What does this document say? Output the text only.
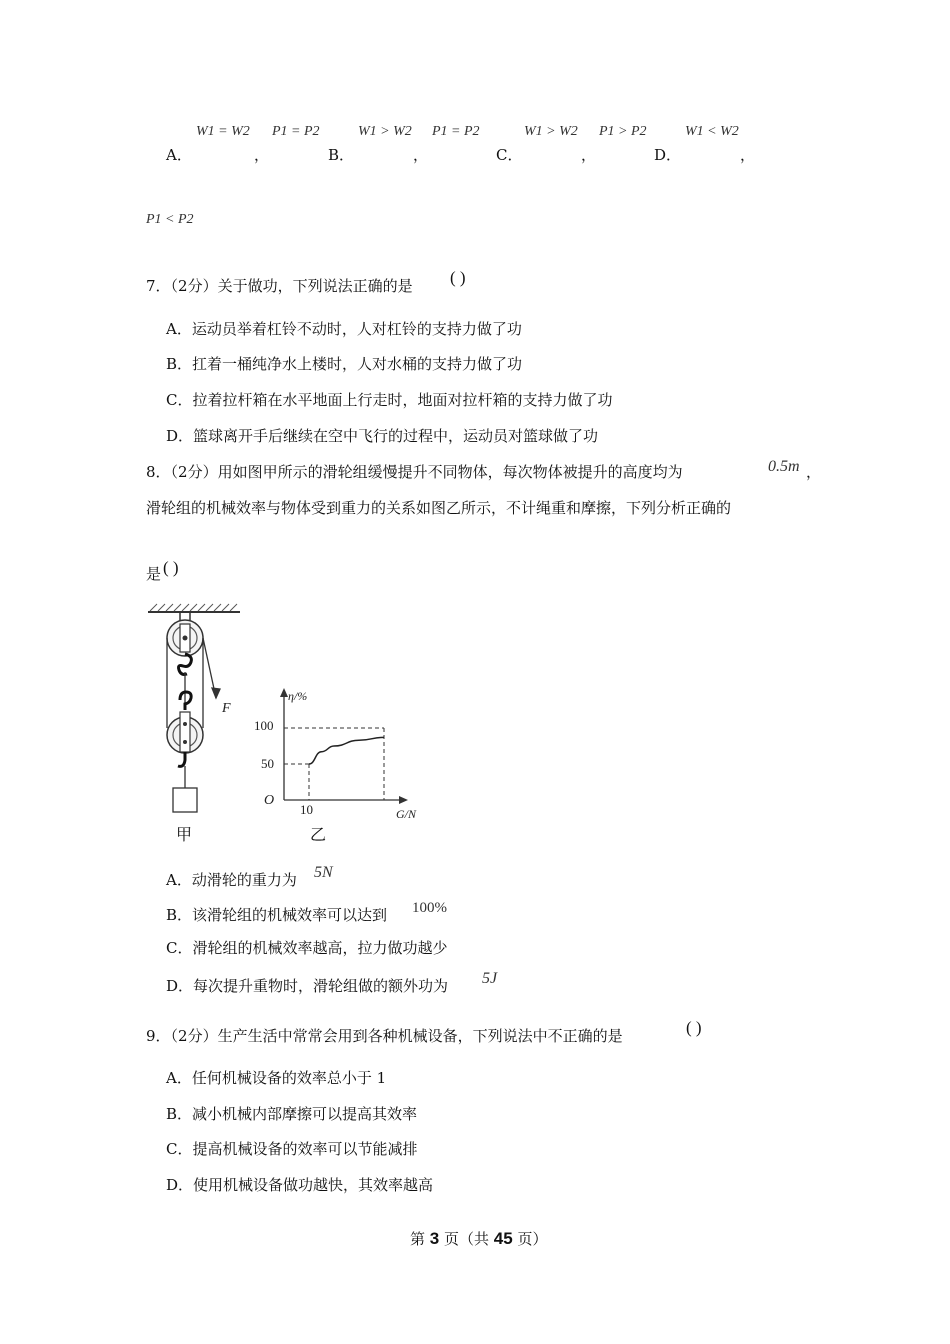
A．
W1 = W2
，
P1 = P2
B．
W1 > W2
，
P1 = P2
C．
W1 > W2
，
P1 > P2
D．
W1 < W2
，
P1 < P2
7．（2分）关于做功，下列说法正确的是 ( )
A．运动员举着杠铃不动时，人对杠铃的支持力做了功
B．扛着一桶纯净水上楼时，人对水桶的支持力做了功
C．拉着拉杆箱在水平地面上行走时，地面对拉杆箱的支持力做了功
D．篮球离开手后继续在空中飞行的过程中，运动员对篮球做了功
8．（2分）用如图甲所示的滑轮组缓慢提升不同物体，每次物体被提升的高度均为	0.5m ，
滑轮组的机械效率与物体受到重力的关系如图乙所示，不计绳重和摩擦，下列分析正确的
是 ( )
F
甲
η/%
G/N
O
100
50
10
乙
A．动滑轮的重力为 5N
B．该滑轮组的机械效率可以达到 100%
C．滑轮组的机械效率越高，拉力做功越少
D．每次提升重物时，滑轮组做的额外功为 5J
9．（2分）生产生活中常常会用到各种机械设备，下列说法中不正确的是	( )
A．任何机械设备的效率总小于 1
B．减小机械内部摩擦可以提高其效率
C．提高机械设备的效率可以节能减排
D．使用机械设备做功越快，其效率越高
第 3 页（共 45 页）
